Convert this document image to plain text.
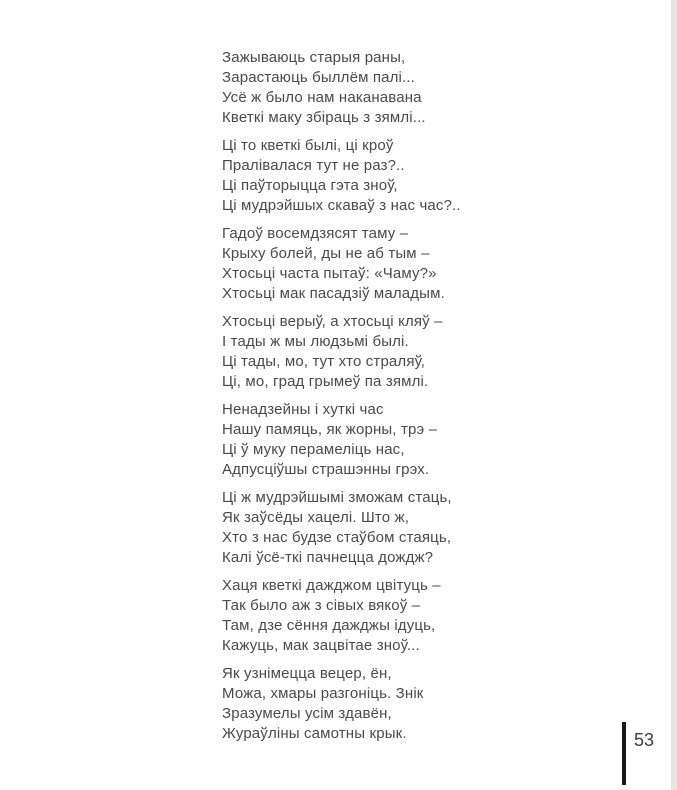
Зажываюць старыя раны,

Зарастаюць быллём палі...

Усё ж было нам наканавана

Кветкі маку збіраць з зямлі...

Ці то кветкі былі, ці кроў

Пралівалася тут не раз?..

Ці паўторыцца гэта зноў,

Ці мудрэйшых скаваў з нас час?..

Гадоў восемдзясят таму –

Крыху болей, ды не аб тым –

Хтосьці часта пытаў: «Чаму?»

Хтосьці мак пасадзіў маладым.

Хтосьці верыў, а хтосьці кляў –

І тады ж мы людзьмі былі.

Ці тады, мо, тут хто страляў,

Ці, мо, град грымеў па зямлі.

Ненадзейны і хуткі час

Нашу памяць, як жорны, трэ –

Ці ў муку перамеліць нас,

Адпусціўшы страшэнны грэх.

Ці ж мудрэйшымі зможам стаць,

Як заўсёды хацелі. Што ж,

Хто з нас будзе стаўбом стаяць,

Калі ўсё-ткі пачнецца дождж?

Хаця кветкі дажджом цвітуць –

Так было аж з сівых вякоў –

Там, дзе сёння дажджы ідуць,

Кажуць, мак зацвітае зноў...

Як узнімецца вецер, ён,

Можа, хмары разгоніць. Знік

Зразумелы усім здавён,

Жураўліны самотны крык.	53
